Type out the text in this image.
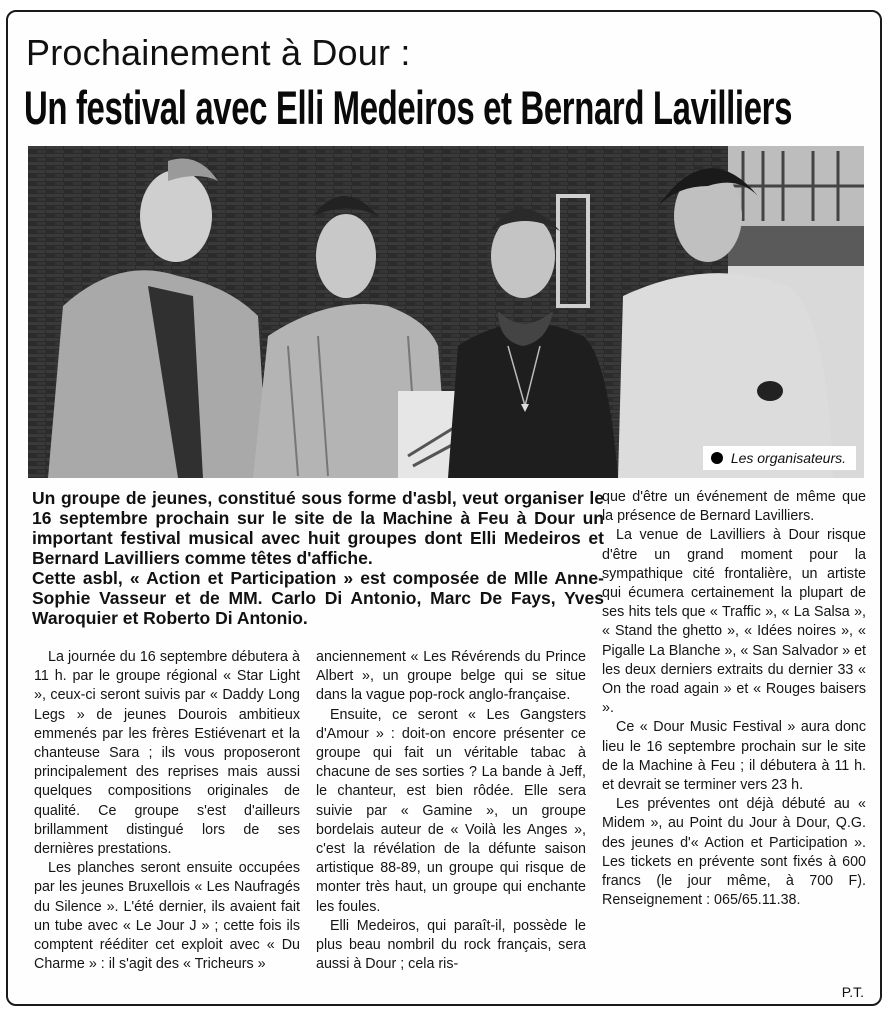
Prochainement à Dour :
Un festival avec Elli Medeiros et Bernard Lavilliers
Les organisateurs.

Un groupe de jeunes, constitué sous forme d'asbl, veut organiser le 16 septembre prochain sur le site de la Machine à Feu à Dour un important festival musical avec huit groupes dont Elli Medeiros et Bernard Lavilliers comme têtes d'affiche.

Cette asbl, « Action et Participation » est composée de Mlle Anne-Sophie Vasseur et de MM. Carlo Di Antonio, Marc De Fays, Yves Waroquier et Roberto Di Antonio.

La journée du 16 septembre débutera à 11 h. par le groupe régional « Star Light », ceux-ci seront suivis par « Daddy Long Legs » de jeunes Dourois ambitieux emmenés par les frères Estiévenart et la chanteuse Sara ; ils vous proposeront principalement des reprises mais aussi quelques compositions originales de qualité. Ce groupe s'est d'ailleurs brillamment distingué lors de ses dernières prestations.

Les planches seront ensuite occupées par les jeunes Bruxellois « Les Naufragés du Silence ». L'été dernier, ils avaient fait un tube avec « Le Jour J » ; cette fois ils comptent rééditer cet exploit avec « Du Charme » : il s'agit des « Tricheurs »

anciennement « Les Révérends du Prince Albert », un groupe belge qui se situe dans la vague pop-rock anglo-française.

Ensuite, ce seront « Les Gangsters d'Amour » : doit-on encore présenter ce groupe qui fait un véritable tabac à chacune de ses sorties ? La bande à Jeff, le chanteur, est bien rôdée. Elle sera suivie par « Gamine », un groupe bordelais auteur de « Voilà les Anges », c'est la révélation de la défunte saison artistique 88-89, un groupe qui risque de monter très haut, un groupe qui enchante les foules.

Elli Medeiros, qui paraît-il, possède le plus beau nombril du rock français, sera aussi à Dour ; cela ris-

que d'être un événement de même que la présence de Bernard Lavilliers.

La venue de Lavilliers à Dour risque d'être un grand moment pour la sympathique cité frontalière, un artiste qui écumera certainement la plupart de ses hits tels que « Traffic », « La Salsa », « Stand the ghetto », « Idées noires », « Pigalle La Blanche », « San Salvador » et les deux derniers extraits du dernier 33 « On the road again » et « Rouges baisers ».

Ce « Dour Music Festival » aura donc lieu le 16 septembre prochain sur le site de la Machine à Feu ; il débutera à 11 h. et devrait se terminer vers 23 h.

Les préventes ont déjà débuté au « Midem », au Point du Jour à Dour, Q.G. des jeunes d'« Action et Participation ». Les tickets en prévente sont fixés à 600 francs (le jour même, à 700 F). Renseignement : 065/65.11.38.

P.T.
